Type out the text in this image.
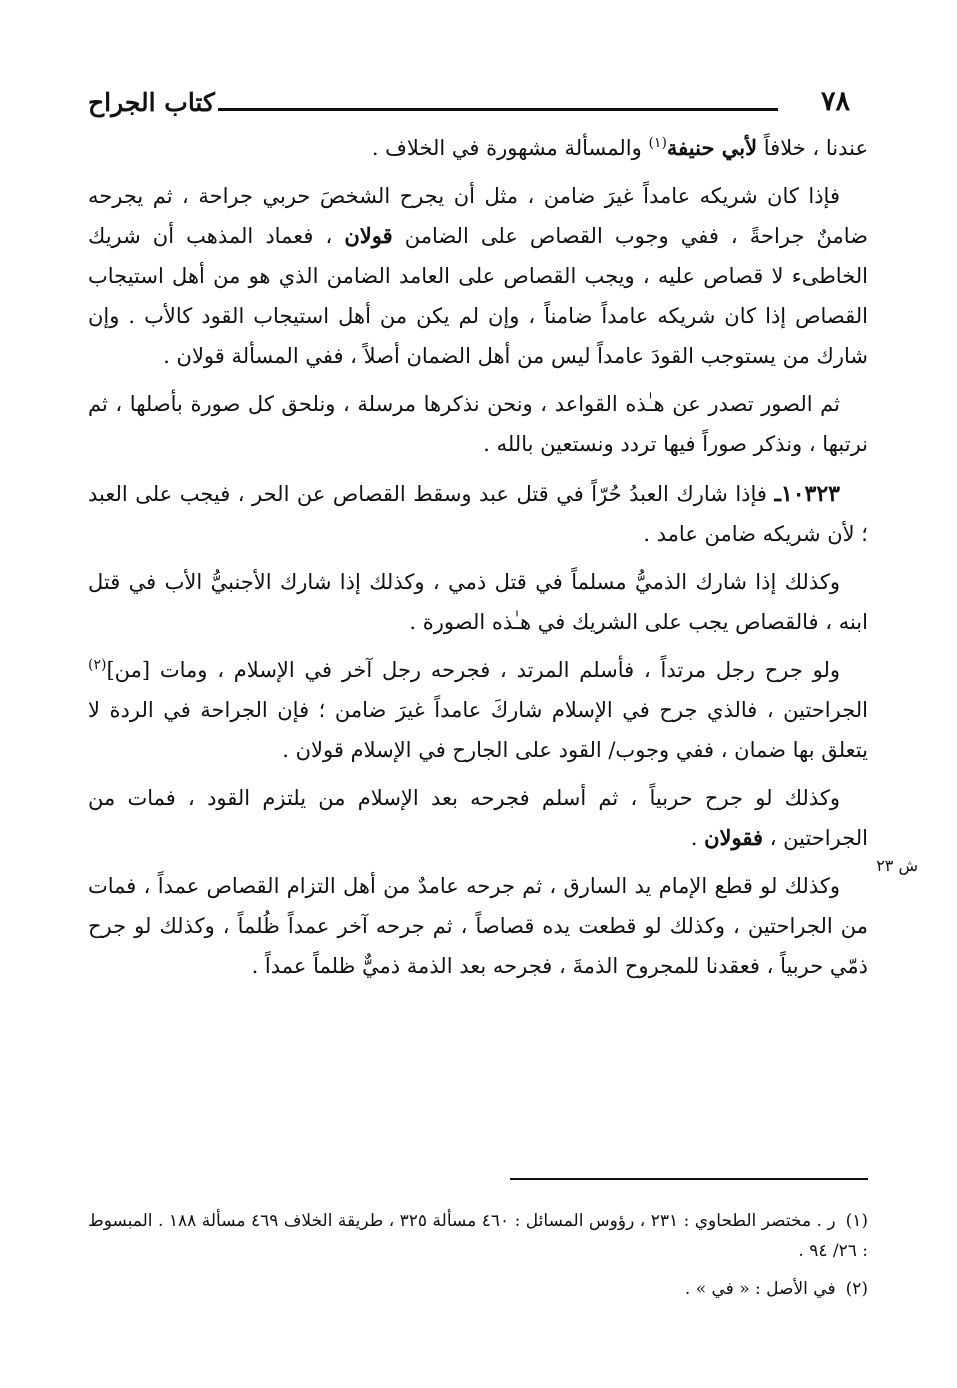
كتاب الجراح	٧٨

عندنا ، خلافاً لأبي حنيفة$^{(١)}$ والمسألة مشهورة في الخلاف .

فإذا كان شريكه عامداً غيرَ ضامن ، مثل أن يجرح الشخصَ حربي جراحة ، ثم يجرحه ضامنٌ جراحةً ، ففي وجوب القصاص على الضامن قولان ، فعماد المذهب أن شريك الخاطىء لا قصاص عليه ، ويجب القصاص على العامد الضامن الذي هو من أهل استيجاب القصاص إذا كان شريكه عامداً ضامناً ، وإن لم يكن من أهل استيجاب القود كالأب . وإن شارك من يستوجب القودَ عامداً ليس من أهل الضمان أصلاً ، ففي المسألة قولان .

ثم الصور تصدر عن هـٰذه القواعد ، ونحن نذكرها مرسلة ، ونلحق كل صورة بأصلها ، ثم نرتبها ، ونذكر صوراً فيها تردد ونستعين بالله .

١٠٣٢٣ـ فإذا شارك العبدُ حُرّاً في قتل عبد وسقط القصاص عن الحر ، فيجب على العبد ؛ لأن شريكه ضامن عامد .

وكذلك إذا شارك الذميُّ مسلماً في قتل ذمي ، وكذلك إذا شارك الأجنبيُّ الأب في قتل ابنه ، فالقصاص يجب على الشريك في هـٰذه الصورة .

ولو جرح رجل مرتداً ، فأسلم المرتد ، فجرحه رجل آخر في الإسلام ، ومات [من]$^{(٢)}$ الجراحتين ، فالذي جرح في الإسلام شاركَ عامداً غيرَ ضامن ؛ فإن الجراحة في الردة لا يتعلق بها ضمان ، ففي وجوب/ القود على الجارح في الإسلام قولان .

وكذلك لو جرح حربياً ، ثم أسلم فجرحه بعد الإسلام من يلتزم القود ، فمات من الجراحتين ، فقولان .

وكذلك لو قطع الإمام يد السارق ، ثم جرحه عامدٌ من أهل التزام القصاص عمداً ، فمات من الجراحتين ، وكذلك لو قطعت يده قصاصاً ، ثم جرحه آخر عمداً ظُلماً ، وكذلك لو جرح ذمّي حربياً ، فعقدنا للمجروح الذمةَ ، فجرحه بعد الذمة ذميٌّ ظلماً عمداً .

ش ٢٣

(١)ر . مختصر الطحاوي : ٢٣١ ، رؤوس المسائل : ٤٦٠ مسألة ٣٢٥ ، طريقة الخلاف ٤٦٩ مسألة ١٨٨ . المبسوط : ٢٦/ ٩٤ .

(٢)في الأصل : « في » .
